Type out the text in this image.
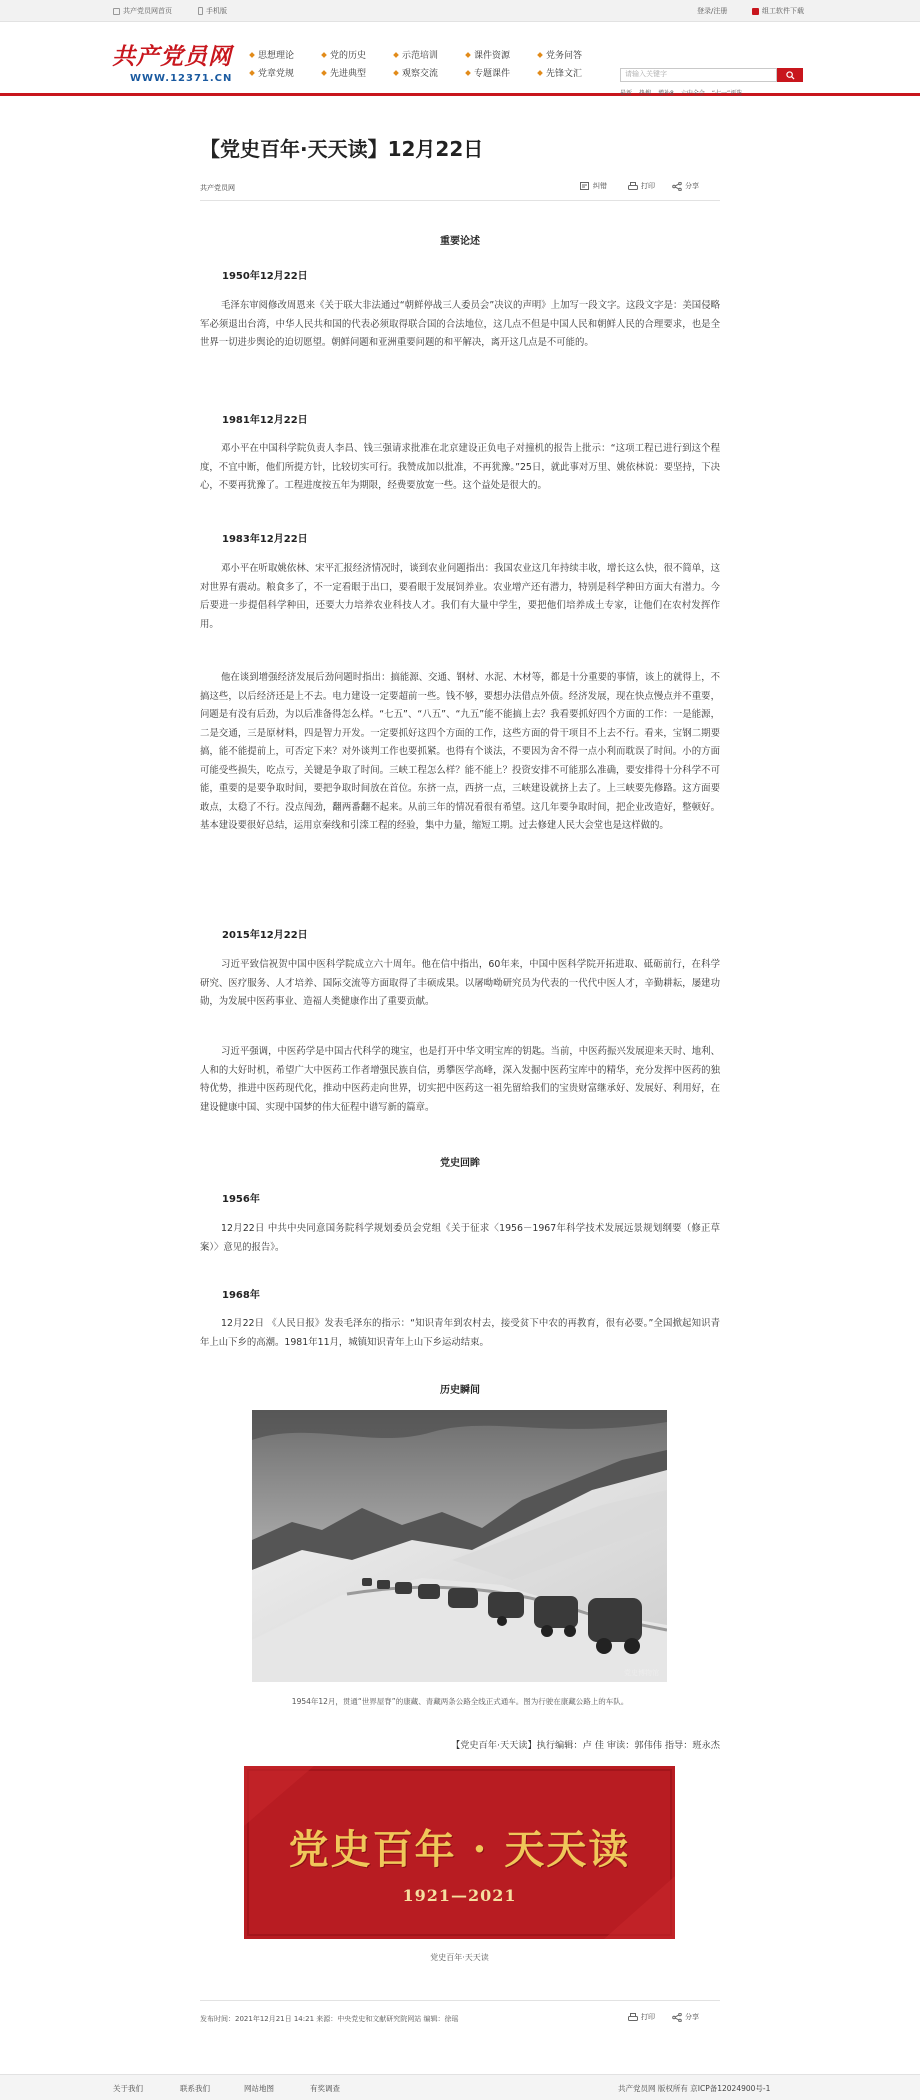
共产党员网首页	手机版	登录/注册	组工软件下载
共产党员网
WWW.12371.CN
思想理论	党的历史	示范培训	课件资源	党务问答
党章党规	先进典型	观察交流	专题课件	先锋文汇	请输入关键字
最新 热搜 增补8 六中全会 “七一”评选
【党史百年·天天读】12月22日
共产党员网	纠错	打印	分享
重要论述
1950年12月22日

毛泽东审阅修改周恩来《关于联大非法通过“朝鲜停战三人委员会”决议的声明》上加写一段文字。这段文字是：美国侵略军必须退出台湾，中华人民共和国的代表必须取得联合国的合法地位，这几点不但是中国人民和朝鲜人民的合理要求，也是全世界一切进步舆论的迫切愿望。朝鲜问题和亚洲重要问题的和平解决，离开这几点是不可能的。

1981年12月22日

邓小平在中国科学院负责人李昌、钱三强请求批准在北京建设正负电子对撞机的报告上批示：“这项工程已进行到这个程度，不宜中断，他们所提方针，比较切实可行。我赞成加以批准，不再犹豫。”25日，就此事对万里、姚依林说：要坚持，下决心，不要再犹豫了。工程进度按五年为期限，经费要放宽一些。这个益处是很大的。

1983年12月22日

邓小平在听取姚依林、宋平汇报经济情况时，谈到农业问题指出：我国农业这几年持续丰收，增长这么快，很不简单，这对世界有震动。粮食多了，不一定看眼于出口，要看眼于发展饲养业。农业增产还有潜力，特别是科学种田方面大有潜力。今后要进一步提倡科学种田，还要大力培养农业科技人才。我们有大量中学生，要把他们培养成土专家，让他们在农村发挥作用。

他在谈到增强经济发展后劲问题时指出：搞能源、交通、钢材、水泥、木材等，都是十分重要的事情，该上的就得上，不搞这些，以后经济还是上不去。电力建设一定要超前一些。钱不够，要想办法借点外债。经济发展，现在快点慢点并不重要，问题是有没有后劲，为以后准备得怎么样。“七五”、“八五”、“九五”能不能搞上去？我看要抓好四个方面的工作：一是能源，二是交通，三是原材料，四是智力开发。一定要抓好这四个方面的工作，这些方面的骨干项目不上去不行。看来，宝钢二期要搞，能不能提前上，可否定下来？对外谈判工作也要抓紧。也得有个谈法，不要因为舍不得一点小利而耽误了时间。小的方面可能受些损失，吃点亏，关键是争取了时间。三峡工程怎么样？能不能上？投资安排不可能那么准确，要安排得十分科学不可能，重要的是要争取时间，要把争取时间放在首位。东挤一点，西挤一点，三峡建设就挤上去了。上三峡要先修路。这方面要敢点，太稳了不行。没点闯劲，翻两番翻不起来。从前三年的情况看很有希望。这几年要争取时间，把企业改造好，整顿好。基本建设要很好总结，运用京秦线和引滦工程的经验，集中力量，缩短工期。过去修建人民大会堂也是这样做的。

2015年12月22日

习近平致信祝贺中国中医科学院成立六十周年。他在信中指出，60年来，中国中医科学院开拓进取、砥砺前行，在科学研究、医疗服务、人才培养、国际交流等方面取得了丰硕成果。以屠呦呦研究员为代表的一代代中医人才，辛勤耕耘，屡建功勋，为发展中医药事业、造福人类健康作出了重要贡献。

习近平强调，中医药学是中国古代科学的瑰宝，也是打开中华文明宝库的钥匙。当前，中医药振兴发展迎来天时、地利、人和的大好时机，希望广大中医药工作者增强民族自信，勇攀医学高峰，深入发掘中医药宝库中的精华，充分发挥中医药的独特优势，推进中医药现代化，推动中医药走向世界，切实把中医药这一祖先留给我们的宝贵财富继承好、发展好、利用好，在建设健康中国、实现中国梦的伟大征程中谱写新的篇章。

党史回眸
1956年

12月22日 中共中央同意国务院科学规划委员会党组《关于征求〈1956－1967年科学技术发展远景规划纲要（修正草案）〉意见的报告》。

1968年

12月22日 《人民日报》发表毛泽东的指示：“知识青年到农村去，接受贫下中农的再教育，很有必要。”全国掀起知识青年上山下乡的高潮。1981年11月，城镇知识青年上山下乡运动结束。

历史瞬间
党史博物馆
1954年12月，贯通“世界屋脊”的康藏、青藏两条公路全线正式通车。图为行驶在康藏公路上的车队。
【党史百年·天天读】执行编辑：卢 佳 审读：郭伟伟 指导：班永杰
党史百年 · 天天读
1921—2021
党史百年·天天读
发布时间：2021年12月21日 14:21 来源：中央党史和文献研究院网站 编辑：徐瑶	打印	分享
关于我们	联系我们	网站地图	有奖调查	共产党员网 版权所有 京ICP备12024900号-1
